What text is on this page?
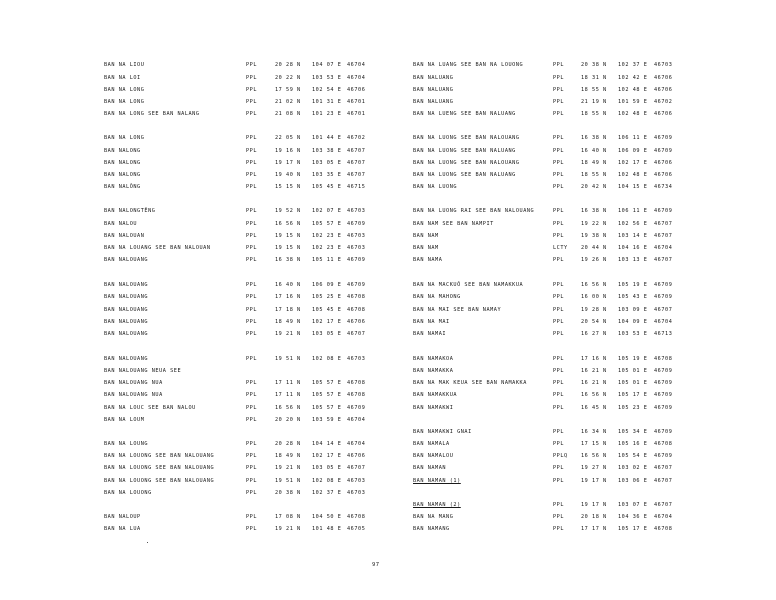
BAN NA LIOU	PPL	20 28 N 104 07 E 46704
BAN NA LOI	PPL	20 22 N 103 53 E 46704
BAN NA LONG	PPL	17 59 N 102 54 E 46706
BAN NA LONG	PPL	21 02 N 101 31 E 46701
BAN NA LONG SEE BAN NALANG	PPL	21 08 N 101 23 E 46701
BAN NA LONG	PPL	22 05 N 101 44 E 46702
BAN NALONG	PPL	19 16 N 103 38 E 46707
BAN NALONG	PPL	19 17 N 103 05 E 46707
BAN NALONG	PPL	19 40 N 103 35 E 46707
BAN NALÔNG	PPL	15 15 N 105 45 E 46715
BAN NALONGTÊNG	PPL	19 52 N 102 07 E 46703
BAN NALOU	PPL	16 56 N 105 57 E 46709
BAN NALOUAN	PPL	19 15 N 102 23 E 46703
BAN NA LOUANG SEE BAN NALOUAN	PPL	19 15 N 102 23 E 46703
BAN NALOUANG	PPL	16 38 N 105 11 E 46709
BAN NALOUANG	PPL	16 40 N 106 09 E 46709
BAN NALOUANG	PPL	17 16 N 105 25 E 46708
BAN NALOUANG	PPL	17 18 N 105 45 E 46708
BAN NALOUANG	PPL	18 49 N 102 17 E 46706
BAN NALOUANG	PPL	19 21 N 103 05 E 46707
BAN NALOUANG	PPL	19 51 N 102 08 E 46703
BAN NALOUANG NEUA SEE
BAN NALOUANG NUA	PPL	17 11 N 105 57 E 46708
BAN NALOUANG NUA	PPL	17 11 N 105 57 E 46708
BAN NA LOUC SEE BAN NALOU	PPL	16 56 N 105 57 E 46709
BAN NA LOUM	PPL	20 20 N 103 59 E 46704
BAN NA LOUNG	PPL	20 28 N 104 14 E 46704
BAN NA LOUONG SEE BAN NALOUANG	PPL	18 49 N 102 17 E 46706
BAN NA LOUONG SEE BAN NALOUANG	PPL	19 21 N 103 05 E 46707
BAN NA LOUONG SEE BAN NALOUANG	PPL	19 51 N 102 08 E 46703
BAN NA LOUONG	PPL	20 38 N 102 37 E 46703
BAN NALOUP	PPL	17 08 N 104 50 E 46708
BAN NA LUA	PPL	19 21 N 101 48 E 46705
BAN NA LUANG SEE BAN NA LOUONG	PPL	20 38 N 102 37 E 46703
BAN NALUANG	PPL	18 31 N 102 42 E 46706
BAN NALUANG	PPL	18 55 N 102 48 E 46706
BAN NALUANG	PPL	21 19 N 101 59 E 46702
BAN NA LUENG SEE BAN NALUANG	PPL	18 55 N 102 48 E 46706
BAN NA LUONG SEE BAN NALOUANG	PPL	16 38 N 106 11 E 46709
BAN NA LUONG SEE BAN NALUANG	PPL	16 40 N 106 09 E 46709
BAN NA LUONG SEE BAN NALOUANG	PPL	18 49 N 102 17 E 46706
BAN NA LUONG SEE BAN NALUANG	PPL	18 55 N 102 48 E 46706
BAN NA LUONG	PPL	20 42 N 104 15 E 46734
BAN NA LUONG RAI SEE BAN NALOUANG	PPL	16 38 N 106 11 E 46709
BAN NAM SEE BAN NAMPIT	PPL	19 22 N 102 56 E 46707
BAN NAM	PPL	19 38 N 103 14 E 46707
BAN NAM	LCTY	20 44 N 104 16 E 46704
BAN NAMA	PPL	19 26 N 103 13 E 46707
BAN NA MACKUÔ SEE BAN NAMAKKUA	PPL	16 56 N 105 19 E 46709
BAN NA MAHONG	PPL	16 00 N 105 43 E 46709
BAN NA MAI SEE BAN NAMAY	PPL	19 28 N 103 09 E 46707
BAN NA MAI	PPL	20 54 N 104 09 E 46704
BAN NAMAI	PPL	16 27 N 103 53 E 46713
BAN NAMAKOA	PPL	17 16 N 105 19 E 46708
BAN NAMAKKA	PPL	16 21 N 105 01 E 46709
BAN NA MAK KEUA SEE BAN NAMAKKA	PPL	16 21 N 105 01 E 46709
BAN NAMAKKUA	PPL	16 56 N 105 17 E 46709
BAN NAMAKWI	PPL	16 45 N 105 23 E 46709
BAN NAMAKWI GNAI	PPL	16 34 N 105 34 E 46709
BAN NAMALA	PPL	17 15 N 105 16 E 46708
BAN NAMALOU	PPLQ	16 56 N 105 54 E 46709
BAN NAMAN	PPL	19 27 N 103 02 E 46707
BAN NAMAN (1)	PPL	19 17 N 103 06 E 46707
BAN NAMAN (2)	PPL	19 17 N 103 07 E 46707
BAN NA MANG	PPL	20 18 N 104 36 E 46704
BAN NAMANG	PPL	17 17 N 105 17 E 46708
97
